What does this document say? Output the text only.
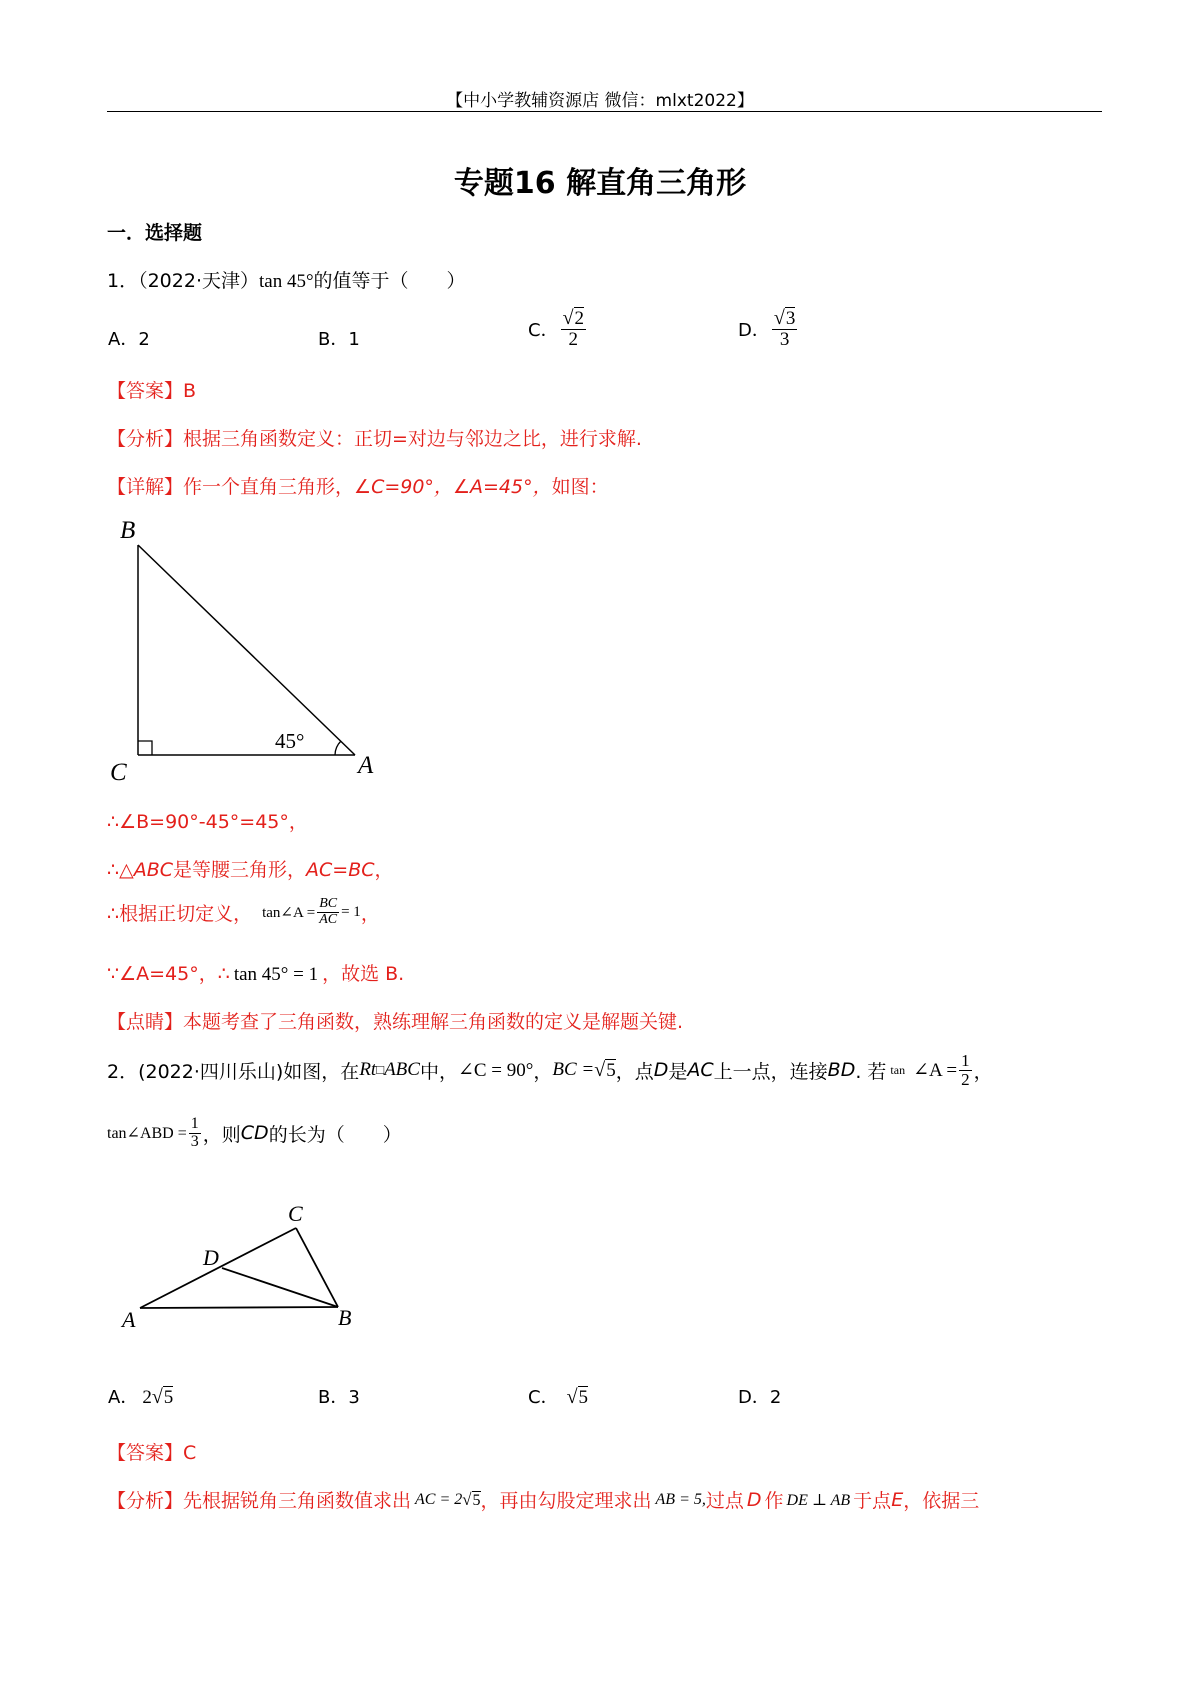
【中小学教辅资源店 微信：mlxt2022】
专题16 解直角三角形
一．选择题
1．（2022·天津）tan 45°的值等于（　　）
A．2	B．1	C． $\frac{√2}{2}$	D． $\frac{√3}{3}$
【答案】B
【分析】根据三角函数定义：正切=对边与邻边之比，进行求解.
【详解】作一个直角三角形，∠C=90°，∠A=45°，如图：
B
C	A
45°
∴∠B=90°-45°=45°，
∴△ABC是等腰三角形，AC=BC，
∴根据正切定义， tan∠A = $\frac{BC}{AC} = 1$ ，
∵∠A=45°，∴ tan 45° = 1 ，故选 B.
【点睛】本题考查了三角函数，熟练理解三角函数的定义是解题关键.
2．(2022·四川乐山)如图，在 Rt □ ABC 中， ∠C = 90° ， BC = √5 ，点 D 是 AC 上一点，连接 BD . 若 tan ∠A = $\frac{1}{2}$ ，
tan∠ABD = $\frac{1}{3}$ ，则 CD 的长为（　　）
C
D
A	B
A． 2√5	B．3	C． √5	D．2
【答案】C
【分析】 先根据锐角三角函数值求出 AC = 2 √5 ，再由勾股定理求出 AB = 5, 过点 D 作 DE ⊥ AB 于点 E ，依据三
